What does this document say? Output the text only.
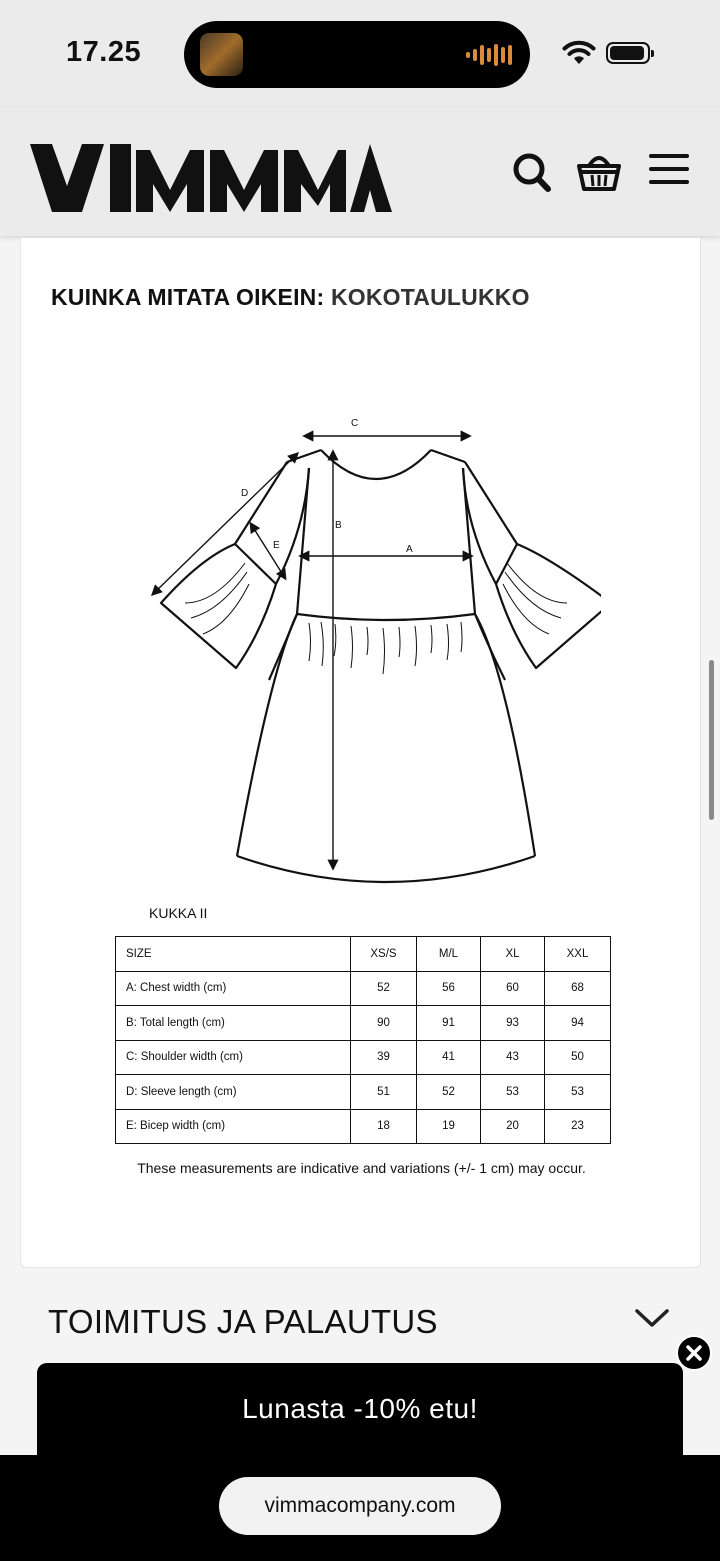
17.25
KUINKA MITATA OIKEIN: KOKOTAULUKKO
C
B
A
D
E
KUKKA II
SIZE	XS/S	M/L	XL	XXL
A: Chest width (cm)	52	56	60	68
B: Total length (cm)	90	91	93	94
C: Shoulder width (cm)	39	41	43	50
D: Sleeve length (cm)	51	52	53	53
E: Bicep width (cm)	18	19	20	23
These measurements are indicative and variations (+/- 1 cm) may occur.
TOIMITUS JA PALAUTUS
Lunasta -10% etu!
vimmacompany.com
